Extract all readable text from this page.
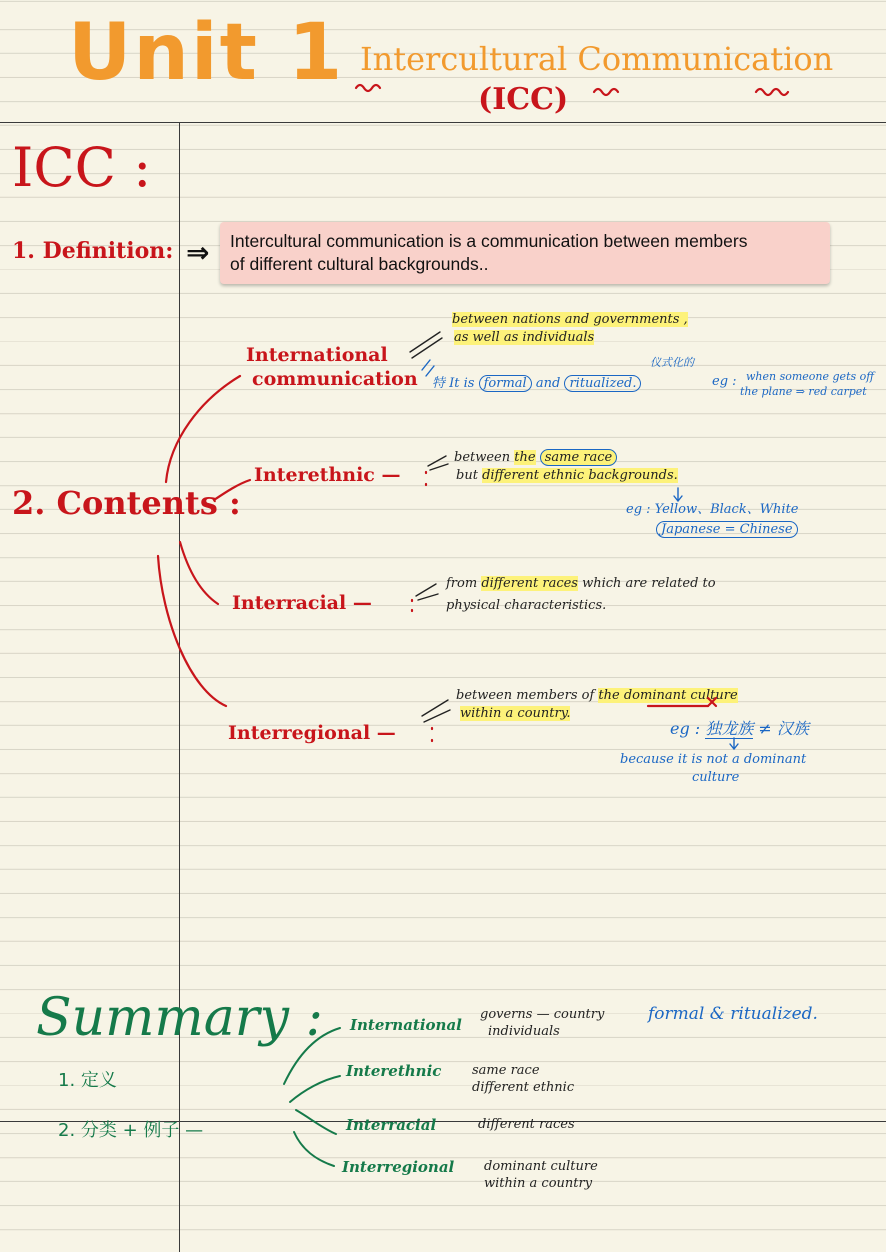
Unit 1 Intercultural Communication
(ICC)
ICC :
1. Definition: ⇒ Intercultural communication is a communication between members
of different cultural backgrounds..
2. Contents :
International
communication
between nations and governments ,
as well as individuals
仪式化的
特 It is formal and ritualized.	eg : when someone gets off
the plane ⇒ red carpet
Interethnic —
between the same race
but different ethnic backgrounds.
eg : Yellow、Black、White
Japanese = Chinese
Interracial —
from different races which are related to
physical characteristics.
Interregional —
between members of the dominant culture
within a country.
eg : 独龙族 ≠ 汉族
because it is not a dominant
culture
Summary :
1. 定义
2. 分类 + 例子 —
International
governs — country
individuals
formal & ritualized.
Interethnic same race
different ethnic
Interracial	different races
Interregional dominant culture
within a country
